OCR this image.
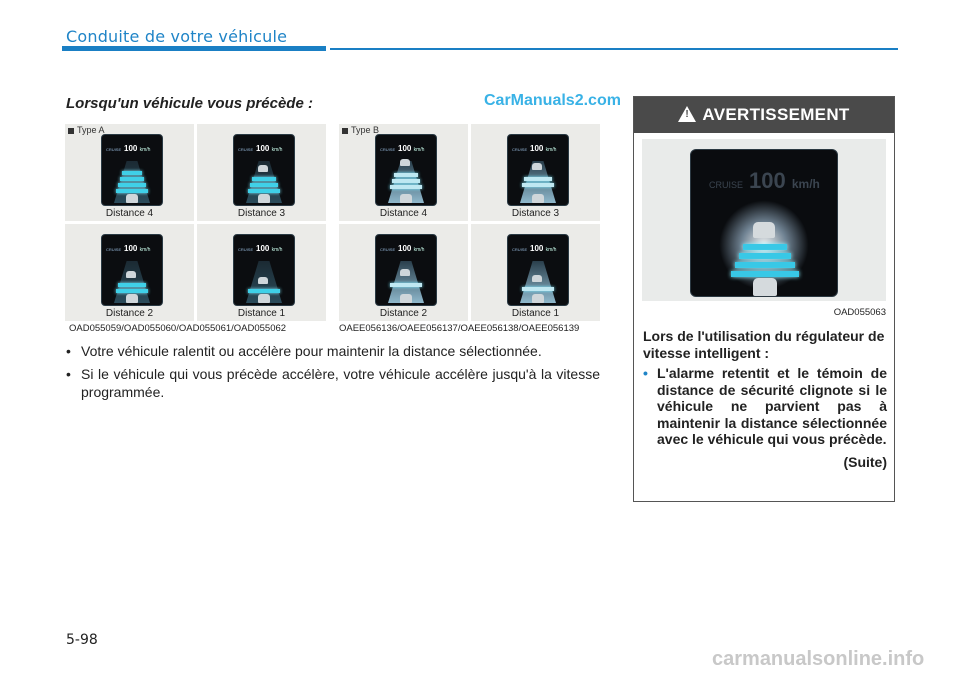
Conduite de votre véhicule
Lorsqu'un véhicule vous précède :	CarManuals2.com
Type A
CRUISE 100 km/h
Distance 4
CRUISE 100 km/h
Distance 3
CRUISE 100 km/h
Distance 2
CRUISE 100 km/h
Distance 1
OAD055059/OAD055060/OAD055061/OAD055062
Type B
CRUISE 100 km/h
Distance 4
CRUISE 100 km/h
Distance 3
CRUISE 100 km/h
Distance 2
CRUISE 100 km/h
Distance 1
OAEE056136/OAEE056137/OAEE056138/OAEE056139
• Votre véhicule ralentit ou accélère pour maintenir la distance sélectionnée.
• Si le véhicule qui vous précède accélère, votre véhicule accélère jusqu'à la vitesse programmée.
! AVERTISSEMENT
CRUISE 100 km/h
OAD055063
Lors de l'utilisation du régulateur de vitesse intelligent :
• L'alarme retentit et le témoin de distance de sécurité clignote si le véhicule ne parvient pas à maintenir la distance sélectionnée avec le véhicule qui vous précède.
(Suite)
5-98
carmanualsonline.info
